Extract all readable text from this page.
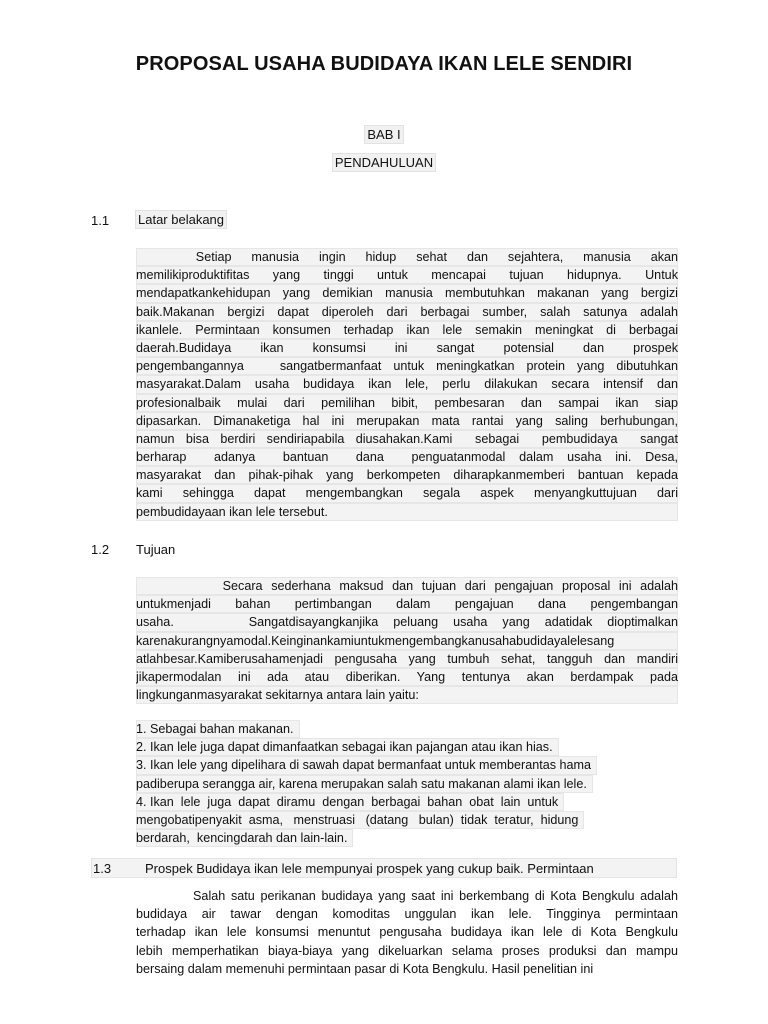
PROPOSAL USAHA BUDIDAYA IKAN LELE SENDIRI
BAB I
PENDAHULUAN
1.1 Latar belakang
Setiap  manusia  ingin  hidup  sehat  dan  sejahtera,  manusia  akan
memilikiproduktifitas  yang  tinggi  untuk  mencapai  tujuan  hidupnya.  Untuk
mendapatkankehidupan yang demikian manusia membutuhkan makanan yang bergizi
baik.Makanan bergizi dapat diperoleh dari berbagai sumber, salah satunya adalah
ikanlele. Permintaan konsumen terhadap ikan lele semakin meningkat di berbagai
daerah.Budidaya  ikan  konsumsi  ini  sangat  potensial  dan  prospek
pengembangannya   sangatbermanfaat untuk meningkatkan protein yang dibutuhkan
masyarakat.Dalam usaha budidaya ikan lele, perlu dilakukan secara intensif dan
profesionalbaik mulai dari pemilihan bibit, pembesaran dan sampai ikan siap
dipasarkan. Dimanaketiga hal ini merupakan mata rantai yang saling berhubungan,
namun bisa berdiri sendiriapabila diusahakan.Kami  sebagai  pembudidaya  sangat
berharap  adanya  bantuan  dana  penguatanmodal dalam usaha ini. Desa,
masyarakat dan pihak-pihak yang berkompeten diharapkanmemberi bantuan kepada
kami  sehingga  dapat  mengembangkan  segala  aspek  menyangkuttujuan  dari
pembudidayaan ikan lele tersebut.
1.2 Tujuan
Secara sederhana maksud dan tujuan dari pengajuan proposal ini adalah
untukmenjadi  bahan  pertimbangan  dalam  pengajuan  dana  pengembangan
usaha.     Sangatdisayangkanjika peluang usaha yang adatidak dioptimalkan
karenakurangnyamodal.Keinginankamiuntukmengembangkanusahabudidayalelesang
atlahbesar.Kamiberusahamenjadi pengusaha yang tumbuh sehat, tangguh dan mandiri
jikapermodalan  ini  ada  atau  diberikan.  Yang  tentunya  akan  berdampak  pada
lingkunganmasyarakat sekitarnya antara lain yaitu:
1. Sebagai bahan makanan.
2. Ikan lele juga dapat dimanfaatkan sebagai ikan pajangan atau ikan hias.
3. Ikan lele yang dipelihara di sawah dapat bermanfaat untuk memberantas hama
padiberupa serangga air, karena merupakan salah satu makanan alami ikan lele.
4. Ikan  lele  juga  dapat  diramu  dengan  berbagai  bahan  obat  lain  untuk
mengobatipenyakit  asma,   menstruasi   (datang   bulan)  tidak  teratur,  hidung
berdarah,  kencingdarah dan lain-lain.
1.3	Prospek Budidaya ikan lele mempunyai prospek yang cukup baik. Permintaan
Salah satu perikanan budidaya yang saat ini berkembang di Kota Bengkulu adalah
budidaya air tawar dengan komoditas unggulan ikan lele. Tingginya permintaan
terhadap ikan lele konsumsi menuntut pengusaha budidaya ikan lele di Kota Bengkulu
lebih memperhatikan biaya-biaya yang dikeluarkan selama proses produksi dan mampu
bersaing dalam memenuhi permintaan pasar di Kota Bengkulu. Hasil penelitian ini
